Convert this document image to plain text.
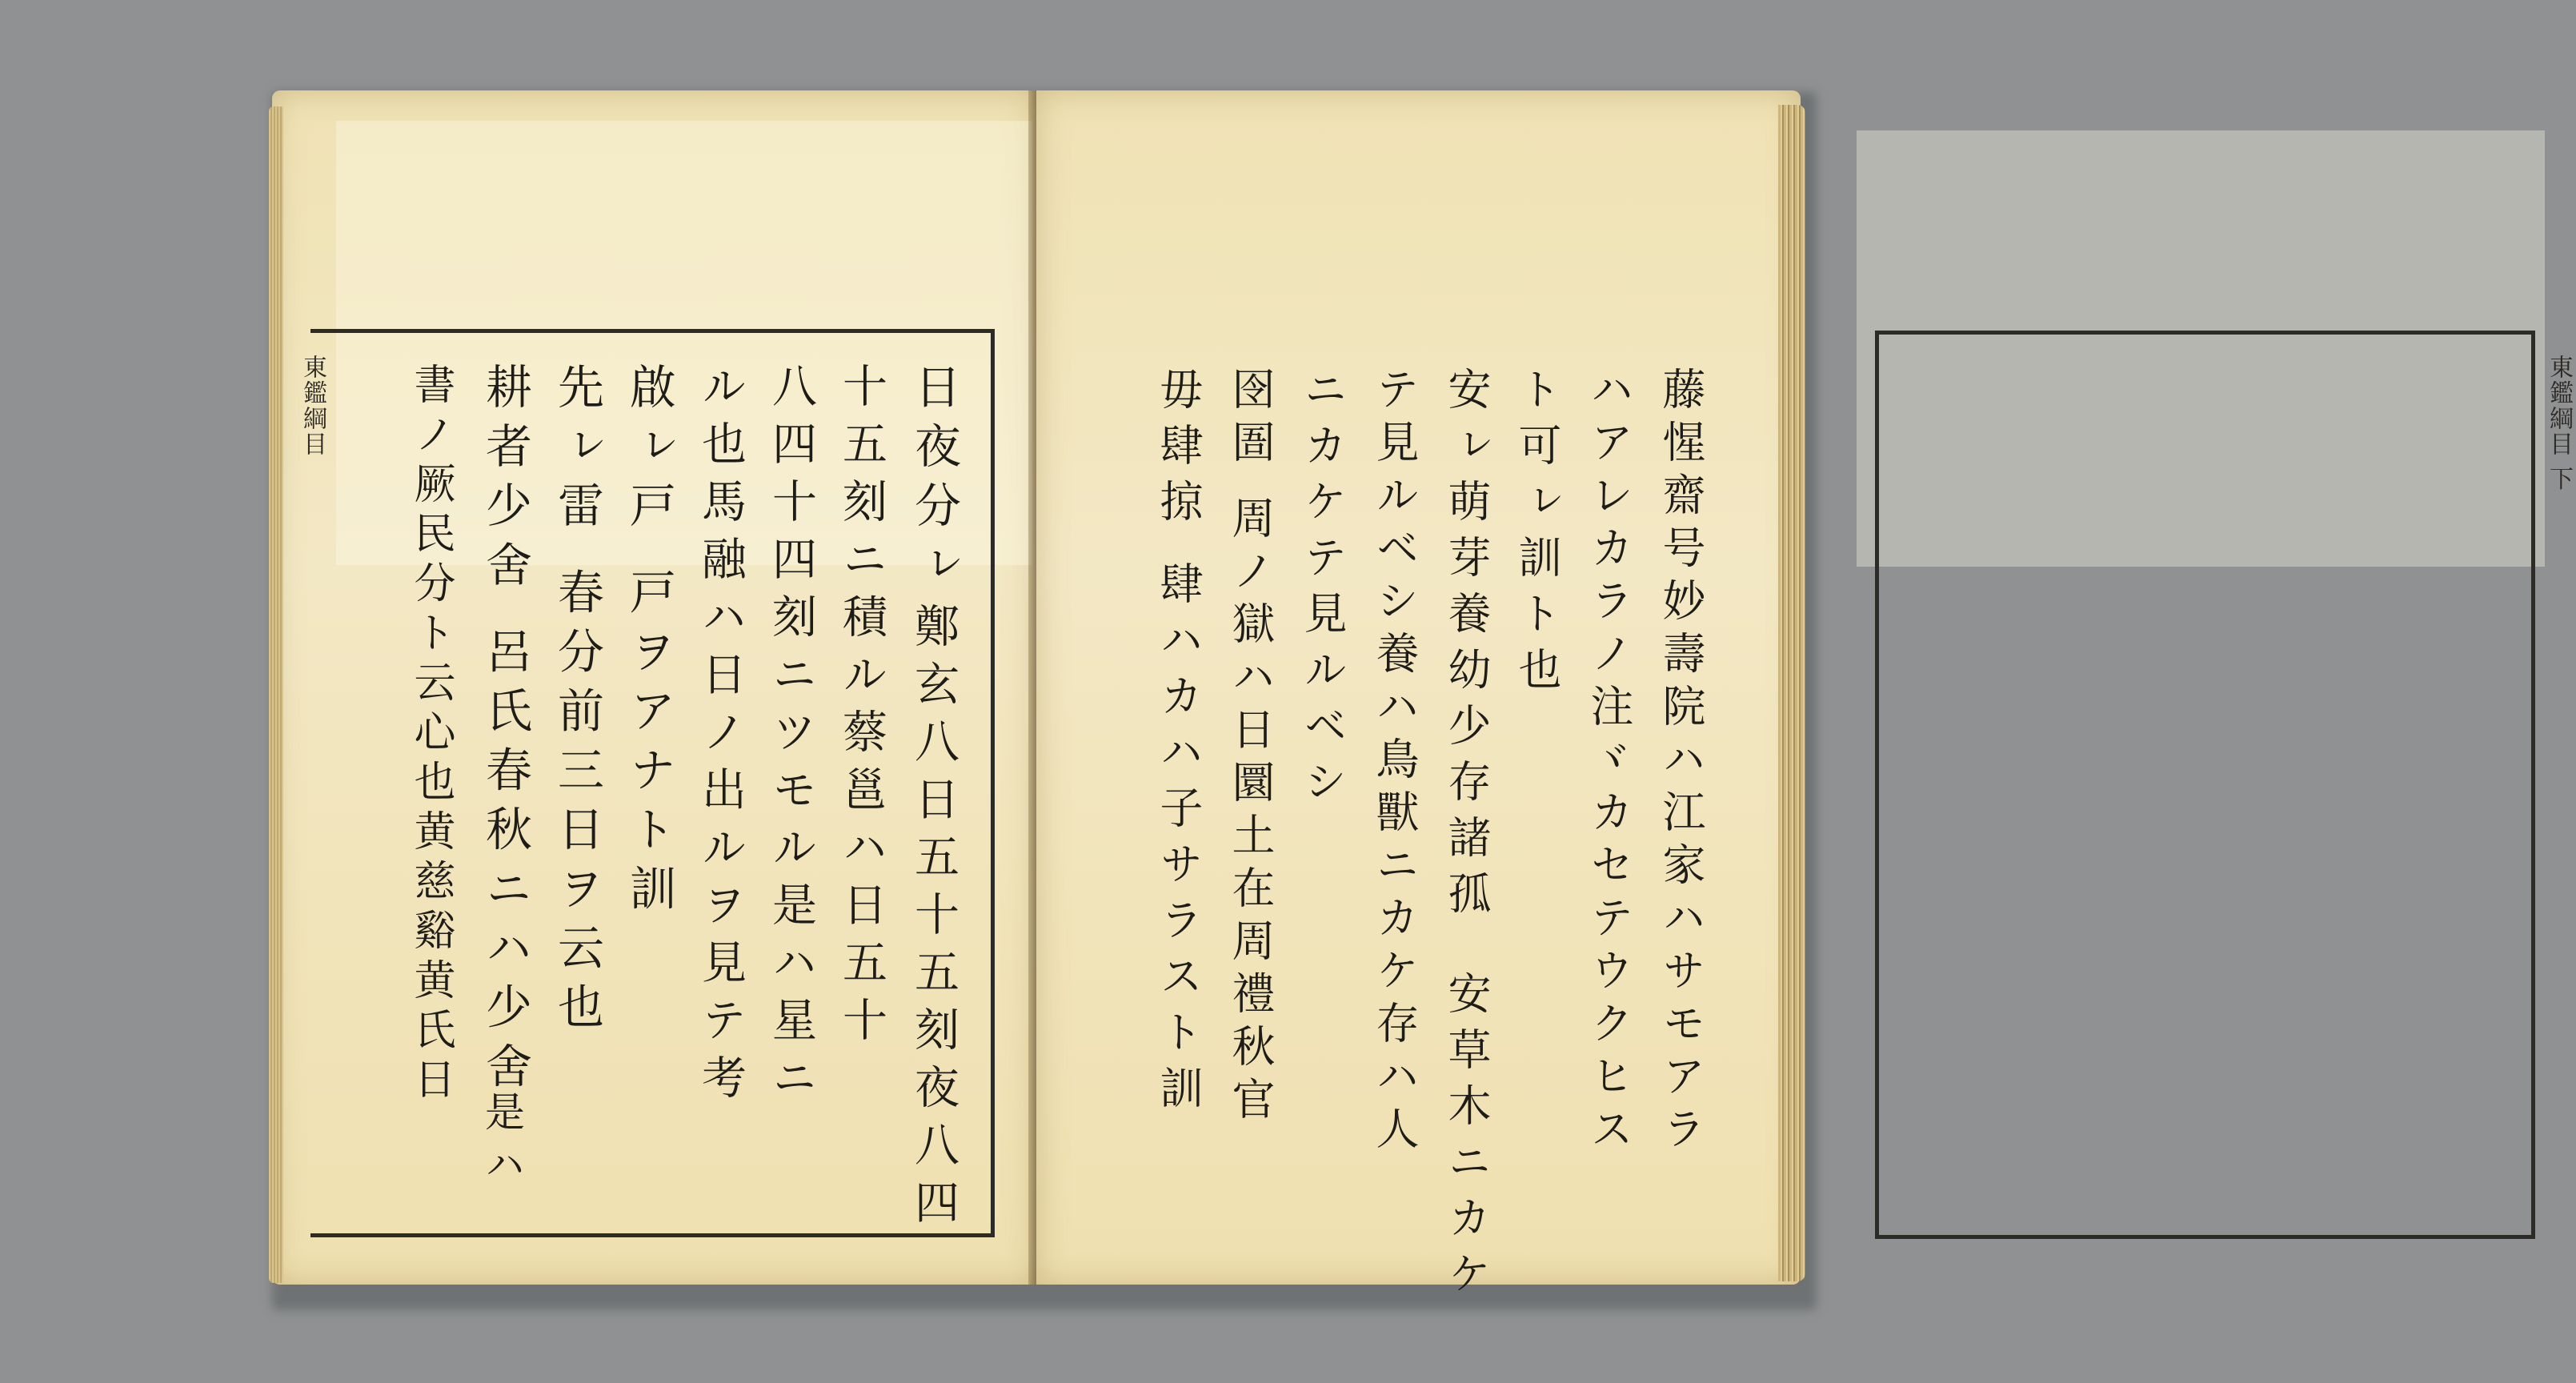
東鑑綱目	日夜分ㇾ
鄭玄八日五十五刻夜八四
十五刻ニ積ル蔡邕ハ日五十
八四十四刻ニツモル是ハ星ニ
ル也馬融ハ日ノ出ルヲ見テ考
啟ㇾ戸 戸ヲアナト訓
先ㇾ雷 春分前三日ヲ云也
耕者少舍 呂氏春秋ニハ少舍
是ハ
書ノ厥民分ト云心也黄慈谿黄氏日	東鑑綱目 下
藤惺齋号妙壽院ハ江家ハサモアラ
ハアレカラノ注ヾカセテウクヒス
ト可ㇾ訓ト也
安ㇾ萌芽養幼少存諸孤
安草木ニカケ
テ見ルベシ養ハ鳥獸ニカケ存ハ人
ニカケテ見ルベシ
囹圄 周ノ獄ハ日圜土在周禮秋官
毋肆掠 肆ハカハ子サラスト訓
